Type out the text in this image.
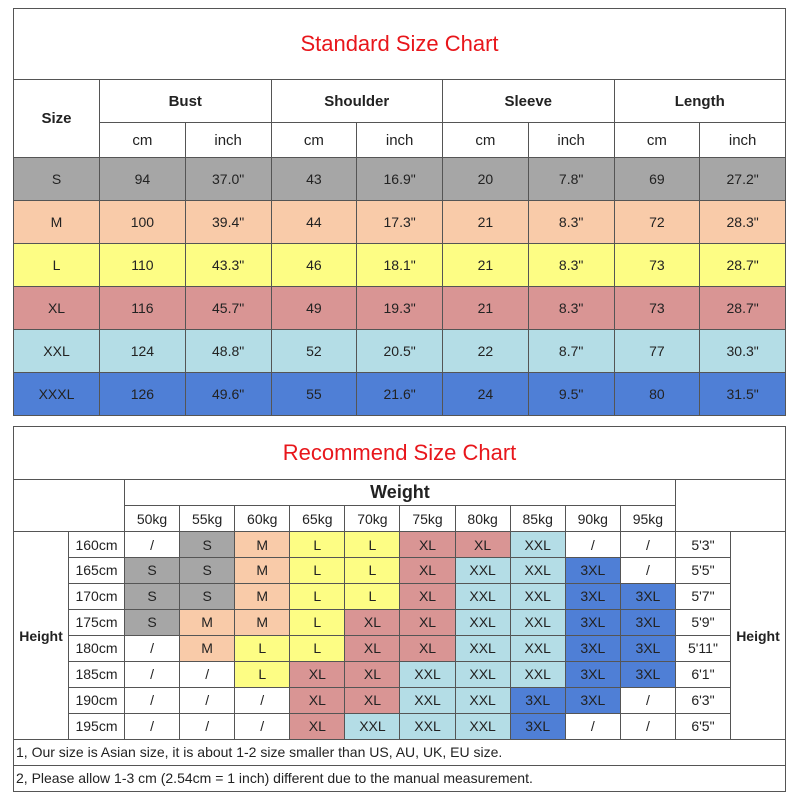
Standard Size Chart								
Size	Bust		Shoulder		Sleeve		Length	
	cm	inch	cm	inch	cm	inch	cm	inch
S	94	37.0"	43	16.9"	20	7.8"	69	27.2"
M	100	39.4"	44	17.3"	21	8.3"	72	28.3"
L	110	43.3"	46	18.1"	21	8.3"	73	28.7"
XL	116	45.7"	49	19.3"	21	8.3"	73	28.7"
XXL	124	48.8"	52	20.5"	22	8.7"	77	30.3"
XXXL	126	49.6"	55	21.6"	24	9.5"	80	31.5"
Recommend Size Chart													
		Weight											
		50kg	55kg	60kg	65kg	70kg	75kg	80kg	85kg	90kg	95kg		
Height	160cm	/	S	M	L	L	XL	XL	XXL	/	/	5'3"	Height
	165cm	S	S	M	L	L	XL	XXL	XXL	3XL	/	5'5"	
	170cm	S	S	M	L	L	XL	XXL	XXL	3XL	3XL	5'7"	
	175cm	S	M	M	L	XL	XL	XXL	XXL	3XL	3XL	5'9"	
	180cm	/	M	L	L	XL	XL	XXL	XXL	3XL	3XL	5'11"	
	185cm	/	/	L	XL	XL	XXL	XXL	XXL	3XL	3XL	6'1"	
	190cm	/	/	/	XL	XL	XXL	XXL	3XL	3XL	/	6'3"	
	195cm	/	/	/	XL	XXL	XXL	XXL	3XL	/	/	6'5"	
1, Our size is Asian size, it is about 1-2 size smaller than US, AU, UK, EU size.													
2, Please allow 1-3 cm (2.54cm = 1 inch) different due to the manual measurement.													
